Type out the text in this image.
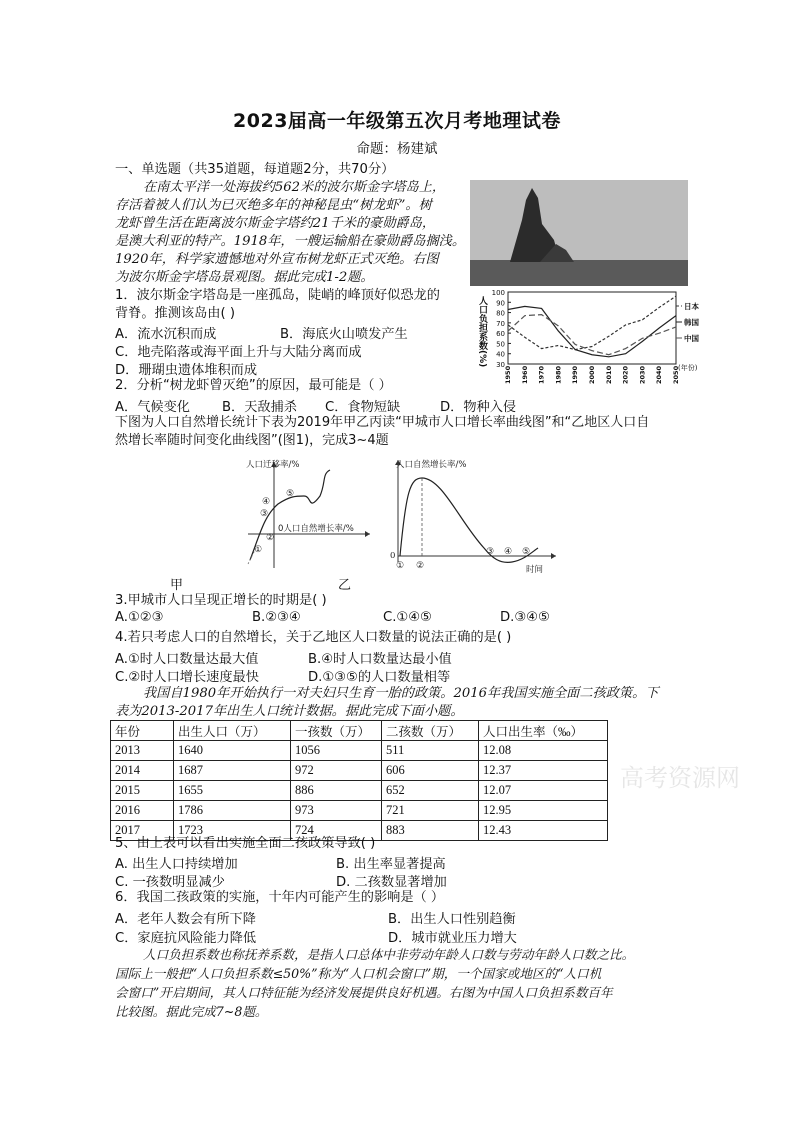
2023届高一年级第五次月考地理试卷
命题：杨建斌
一、单选题（共35道题，每道题2分，共70分）
在南太平洋一处海拔约562米的波尔斯金字塔岛上，
存活着被人们认为已灭绝多年的神秘昆虫“树龙虾”。树
龙虾曾生活在距离波尔斯金字塔约21千米的豪勋爵岛，
是澳大利亚的特产。1918年，一艘运输船在豪勋爵岛搁浅。
1920年，科学家遗憾地对外宣布树龙虾正式灭绝。右图
为波尔斯金字塔岛景观图。据此完成1-2题。
人口负担系数(%) 30
40
50
60
70
80
90
100
1950 1960 1970 1980 1990 2000 2010 2020 2030 2040 2050
(年份)
日本
韩国
中国
1．波尔斯金字塔岛是一座孤岛，陡峭的峰顶好似恐龙的
背脊。推测该岛由( )
A．流水沉积而成	B．海底火山喷发产生
C．地壳陷落或海平面上升与大陆分离而成
D．珊瑚虫遗体堆积而成
2．分析“树龙虾曾灭绝”的原因，最可能是（ ）
A．气候变化 B．天敌捕杀 C．食物短缺	D．物种入侵
下图为人口自然增长统计下表为2019年甲乙丙读“甲城市人口增长率曲线图”和“乙地区人口自
然增长率随时间变化曲线图”(图1)，完成3~4题
人口迁移率/%
0人口自然增长率/%
①
②
③
④
⑤
甲
人口自然增长率/%
0
时间
① ②
③ ④ ⑤
乙
3.甲城市人口呈现正增长的时期是( )
A.①②③	B.②③④	C.①④⑤	D.③④⑤
4.若只考虑人口的自然增长，关于乙地区人口数量的说法正确的是( )
A.①时人口数量达最大值	B.④时人口数量达最小值
C.②时人口增长速度最快	D.①③⑤的人口数量相等
我国自1980年开始执行一对夫妇只生育一胎的政策。2016年我国实施全面二孩政策。下
表为2013-2017年出生人口统计数据。据此完成下面小题。
年份	出生人口（万）	一孩数（万）	二孩数（万）	人口出生率（‰）
2013	1640	1056	511	12.08
2014	1687	972	606	12.37
2015	1655	886	652	12.07
2016	1786	973	721	12.95
2017	1723	724	883	12.43
高考资源网
5、由上表可以看出实施全面二孩政策导致( )
A. 出生人口持续增加	B. 出生率显著提高
C. 一孩数明显减少	D. 二孩数显著增加
6．我国二孩政策的实施，十年内可能产生的影响是（ ）
A．老年人数会有所下降	B．出生人口性别趋衡
C．家庭抗风险能力降低	D．城市就业压力增大
人口负担系数也称抚养系数，是指人口总体中非劳动年龄人口数与劳动年龄人口数之比。
国际上一般把“人口负担系数≤50%”称为“人口机会窗口”期，一个国家或地区的“人口机
会窗口”开启期间，其人口特征能为经济发展提供良好机遇。右图为中国人口负担系数百年
比较图。据此完成7~8题。
